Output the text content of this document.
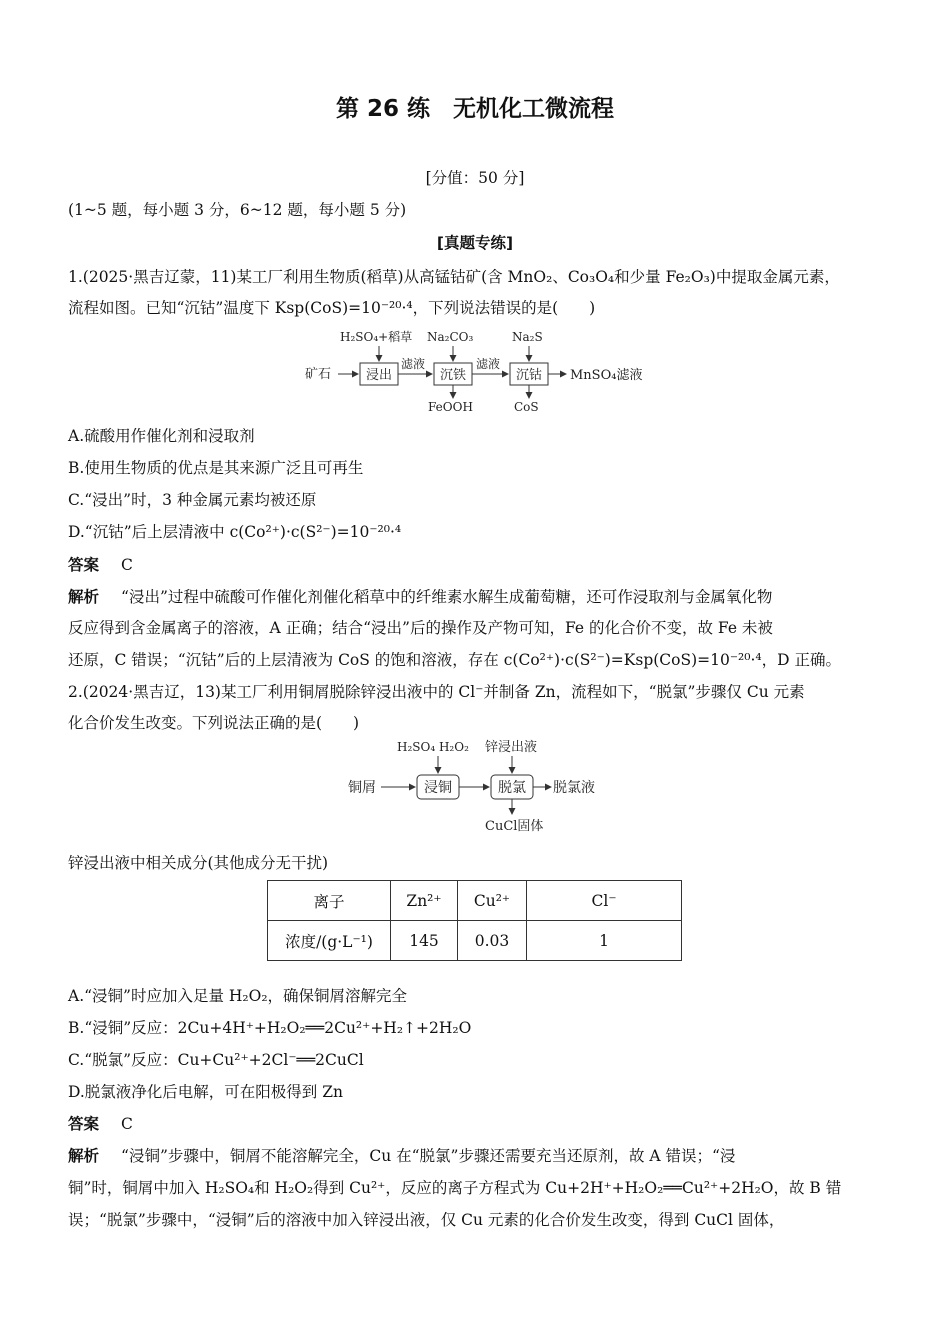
第 26 练　无机化工微流程
[分值：50 分]
(1~5 题，每小题 3 分，6~12 题，每小题 5 分)
[真题专练]
1.(2025·黑吉辽蒙，11)某工厂利用生物质(稻草)从高锰钴矿(含 MnO₂、Co₃O₄和少量 Fe₂O₃)中提取金属元素，
流程如图。已知“沉钴”温度下 Ksp(CoS)=10⁻²⁰·⁴，下列说法错误的是(　　)
矿石	浸出
H₂SO₄+稻草
滤液
沉铁
Na₂CO₃
FeOOH
滤液
沉钴
Na₂S
CoS
MnSO₄滤液
A.硫酸用作催化剂和浸取剂
B.使用生物质的优点是其来源广泛且可再生
C.“浸出”时，3 种金属元素均被还原
D.“沉钴”后上层清液中 c(Co²⁺)·c(S²⁻)=10⁻²⁰·⁴
答案 C
解析 “浸出”过程中硫酸可作催化剂催化稻草中的纤维素水解生成葡萄糖，还可作浸取剂与金属氧化物
反应得到含金属离子的溶液，A 正确；结合“浸出”后的操作及产物可知，Fe 的化合价不变，故 Fe 未被
还原，C 错误；“沉钴”后的上层清液为 CoS 的饱和溶液，存在 c(Co²⁺)·c(S²⁻)=Ksp(CoS)=10⁻²⁰·⁴，D 正确。
2.(2024·黑吉辽，13)某工厂利用铜屑脱除锌浸出液中的 Cl⁻并制备 Zn，流程如下，“脱氯”步骤仅 Cu 元素
化合价发生改变。下列说法正确的是(　　)
铜屑	浸铜
H₂SO₄ H₂O₂
脱氯
锌浸出液
CuCl固体
脱氯液
锌浸出液中相关成分(其他成分无干扰)
离子	Zn²⁺	Cu²⁺	Cl⁻
浓度/(g·L⁻¹)	145	0.03	1
A.“浸铜”时应加入足量 H₂O₂，确保铜屑溶解完全
B.“浸铜”反应：2Cu+4H⁺+H₂O₂══2Cu²⁺+H₂↑+2H₂O
C.“脱氯”反应：Cu+Cu²⁺+2Cl⁻══2CuCl
D.脱氯液净化后电解，可在阳极得到 Zn
答案 C
解析 “浸铜”步骤中，铜屑不能溶解完全，Cu 在“脱氯”步骤还需要充当还原剂，故 A 错误；“浸
铜”时，铜屑中加入 H₂SO₄和 H₂O₂得到 Cu²⁺，反应的离子方程式为 Cu+2H⁺+H₂O₂══Cu²⁺+2H₂O，故 B 错
误；“脱氯”步骤中，“浸铜”后的溶液中加入锌浸出液，仅 Cu 元素的化合价发生改变，得到 CuCl 固体，
